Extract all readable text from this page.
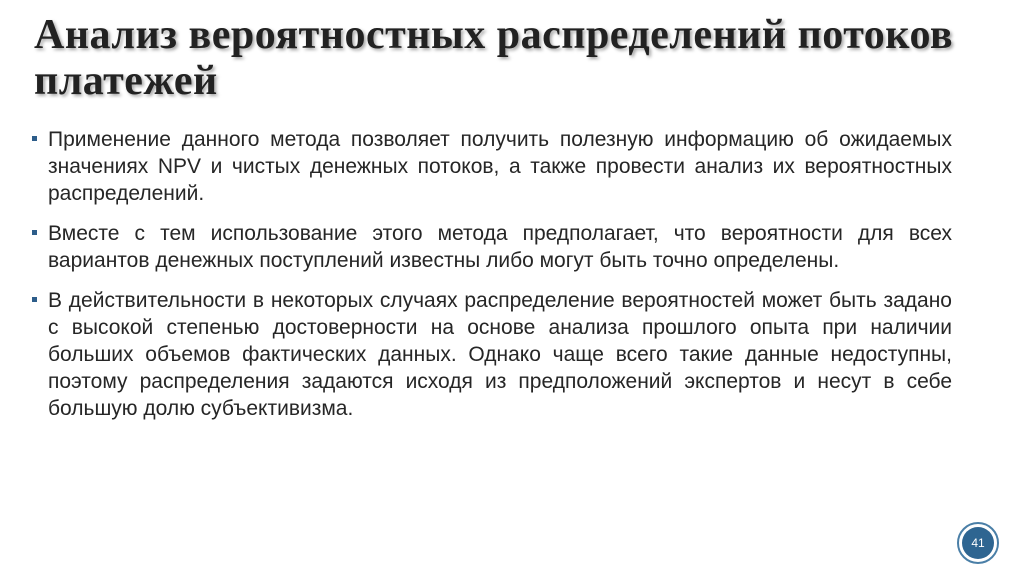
Анализ вероятностных распределений потоков платежей

Применение данного метода позволяет получить полезную информацию об ожидаемых значениях NPV и чистых денежных потоков, а также провести анализ их вероятностных распределений.

Вместе с тем использование этого метода предполагает, что вероятности для всех вариантов денежных поступлений известны либо могут быть точно определены.

В действительности в некоторых случаях распределение вероятностей может быть задано с высокой степенью достоверности на основе анализа прошлого опыта при наличии больших объемов фактических данных. Однако чаще всего такие данные недоступны, поэтому распределения задаются исходя из предположений экспертов и несут в себе большую долю субъективизма.

41
